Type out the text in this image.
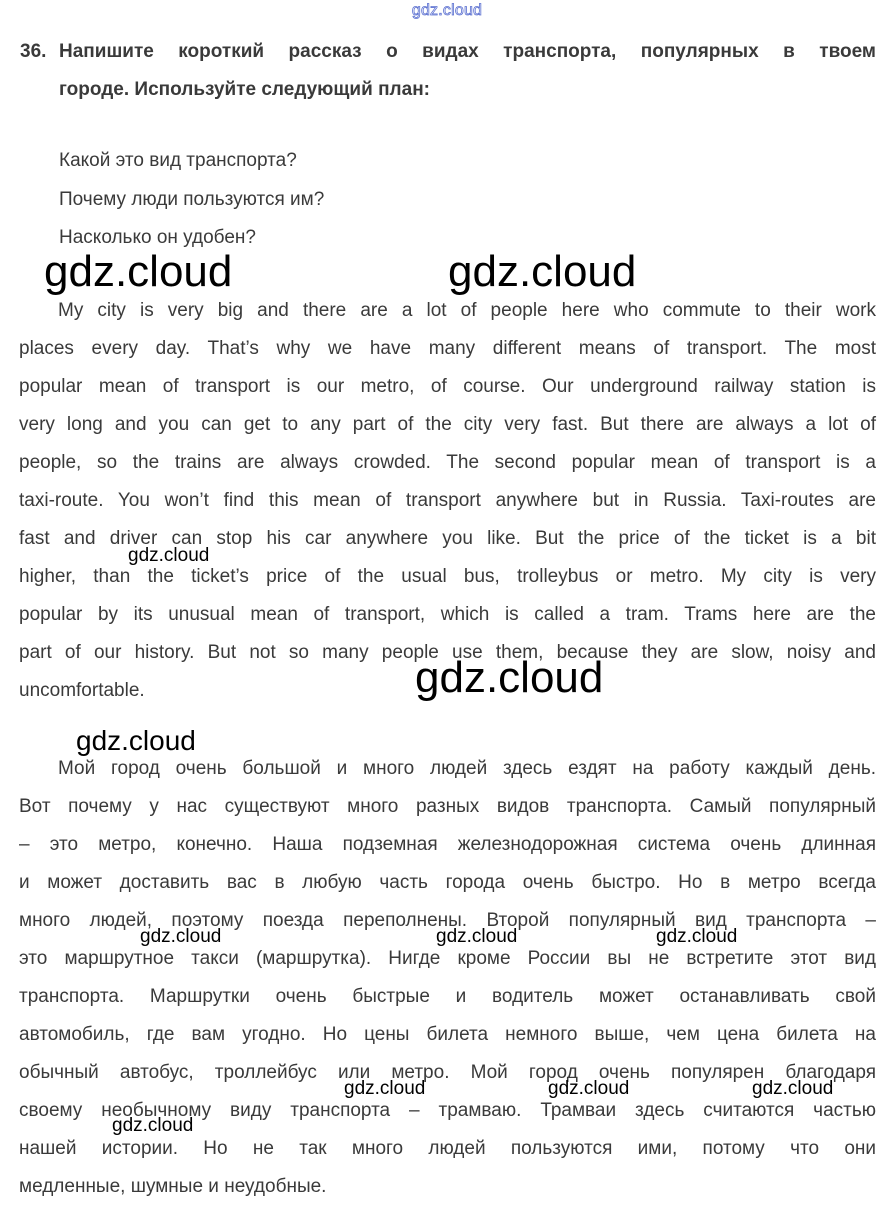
gdz.cloud
36. Напишите короткий рассказ о видах транспорта, популярных в твоем
городе. Используйте следующий план:
Какой это вид транспорта?
Почему люди пользуются им?
Насколько он удобен?
My city is very big and there are a lot of people here who commute to their work
places every day. That’s why we have many different means of transport. The most
popular mean of transport is our metro, of course. Our underground railway station is
very long and you can get to any part of the city very fast. But there are always a lot of
people, so the trains are always crowded. The second popular mean of transport is a
taxi-route. You won’t find this mean of transport anywhere but in Russia. Taxi-routes are
fast and driver can stop his car anywhere you like. But the price of the ticket is a bit
higher, than the ticket’s price of the usual bus, trolleybus or metro. My city is very
popular by its unusual mean of transport, which is called a tram. Trams here are the
part of our history. But not so many people use them, because they are slow, noisy and
uncomfortable.
Мой город очень большой и много людей здесь ездят на работу каждый день.
Вот почему у нас существуют много разных видов транспорта. Самый популярный
– это метро, конечно. Наша подземная железнодорожная система очень длинная
и может доставить вас в любую часть города очень быстро. Но в метро всегда
много людей, поэтому поезда переполнены. Второй популярный вид транспорта –
это маршрутное такси (маршрутка). Нигде кроме России вы не встретите этот вид
транспорта. Маршрутки очень быстрые и водитель может останавливать свой
автомобиль, где вам угодно. Но цены билета немного выше, чем цена билета на
обычный автобус, троллейбус или метро. Мой город очень популярен благодаря
своему необычному виду транспорта – трамваю. Трамваи здесь считаются частью
нашей истории. Но не так много людей пользуются ими, потому что они
медленные, шумные и неудобные.
gdz.cloud	gdz.cloud
gdz.cloud
gdz.cloud
gdz.cloud
gdz.cloud	gdz.cloud	gdz.cloud
gdz.cloud	gdz.cloud	gdz.cloud
gdz.cloud
